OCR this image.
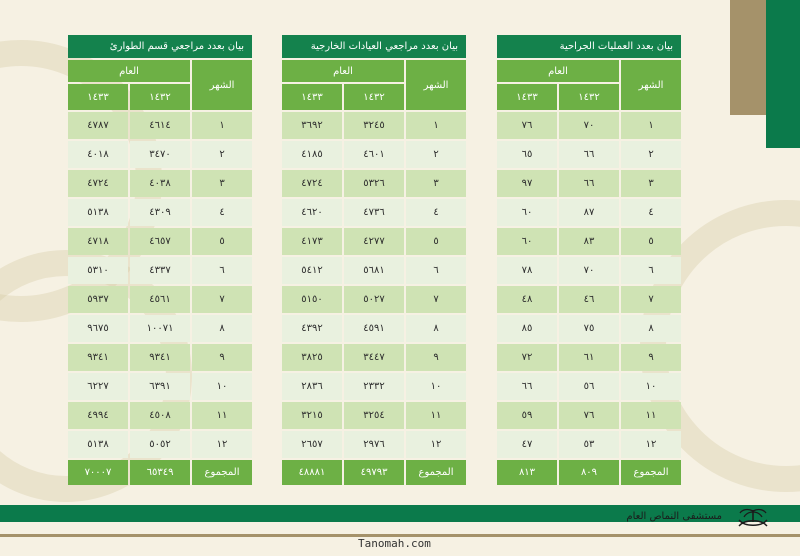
بيان بعدد العمليات الجراحية
العام		الشهر
١٤٣٣	١٤٣٢	
٧٦	٧٠	١
٦٥	٦٦	٢
٩٧	٦٦	٣
٦٠	٨٧	٤
٦٠	٨٣	٥
٧٨	٧٠	٦
٤٨	٤٦	٧
٨٥	٧٥	٨
٧٢	٦١	٩
٦٦	٥٦	١٠
٥٩	٧٦	١١
٤٧	٥٣	١٢
٨١٣	٨٠٩	المجموع
بيان بعدد مراجعي العيادات الخارجية
العام		الشهر
١٤٣٣	١٤٣٢	
٣٦٩٢	٣٢٤٥	١
٤١٨٥	٤٦٠١	٢
٤٧٢٤	٥٣٢٦	٣
٤٦٢٠	٤٧٣٦	٤
٤١٧٣	٤٢٧٧	٥
٥٤١٢	٥٦٨١	٦
٥١٥٠	٥٠٢٧	٧
٤٣٩٢	٤٥٩١	٨
٣٨٢٥	٣٤٤٧	٩
٢٨٣٦	٢٣٣٢	١٠
٣٢١٥	٣٢٥٤	١١
٢٦٥٧	٢٩٧٦	١٢
٤٨٨٨١	٤٩٧٩٣	المجموع
بيان بعدد مراجعي قسم الطوارئ
العام		الشهر
١٤٣٣	١٤٣٢	
٤٧٨٧	٤٦١٤	١
٤٠١٨	٣٤٧٠	٢
٤٧٢٤	٤٠٣٨	٣
٥١٣٨	٤٣٠٩	٤
٤٧١٨	٤٦٥٧	٥
٥٣١٠	٤٣٣٧	٦
٥٩٣٧	٤٥٦١	٧
٩٦٧٥	١٠٠٧١	٨
٩٣٤١	٩٣٤١	٩
٦٢٢٧	٦٣٩١	١٠
٤٩٩٤	٤٥٠٨	١١
٥١٣٨	٥٠٥٢	١٢
٧٠٠٠٧	٦٥٣٤٩	المجموع
مستشفى النماص العام
Tanomah.com
